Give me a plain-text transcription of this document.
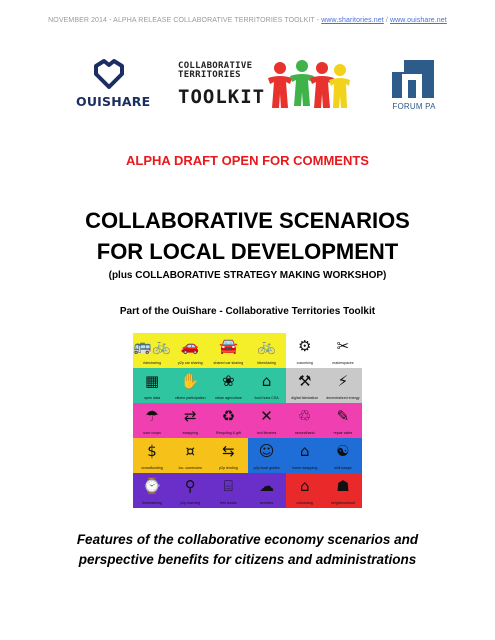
NOVEMBER 2014 - ALPHA RELEASE COLLABORATIVE TERRITORIES TOOLKIT - www.sharitories.net / www.ouishare.net
OUISHARE
COLLABORATIVE
TERRITORIES
TOOLKIT	FORUM PA
ALPHA DRAFT OPEN FOR COMMENTS
COLLABORATIVE SCENARIOS
FOR LOCAL DEVELOPMENT
(plus COLLABORATIVE STRATEGY MAKING WORKSHOP)
Part of the OuiShare - Collaborative Territories Toolkit
🚌🚲
ridesharing
🚗
p2p car sharing
🚘
shared car sharing
🚲
bikesharing
⚙
coworking
✂
makerspaces
▦
open data
✋
citizen participation
❀
urban agriculture
⌂
food hubs CSA
⚒
digital fabrication
⚡
decentralized energy
☂
user coops
⇄
swapping
♻
Recycling & gift
✕
tool libraries
♲
secondhand
✎
repair cafes
$
crowdfunding
¤
loc. currencies
⇆
p2p lending
☺
p2p local guides
⌂
home swapping
☯
skill swaps
⌚
timebanking
⚲
p2p learning
⌸
free books
☁
services
⌂
cohousing
☗
neighbourhood
Features of the collaborative economy scenarios and
perspective benefits for citizens and administrations
